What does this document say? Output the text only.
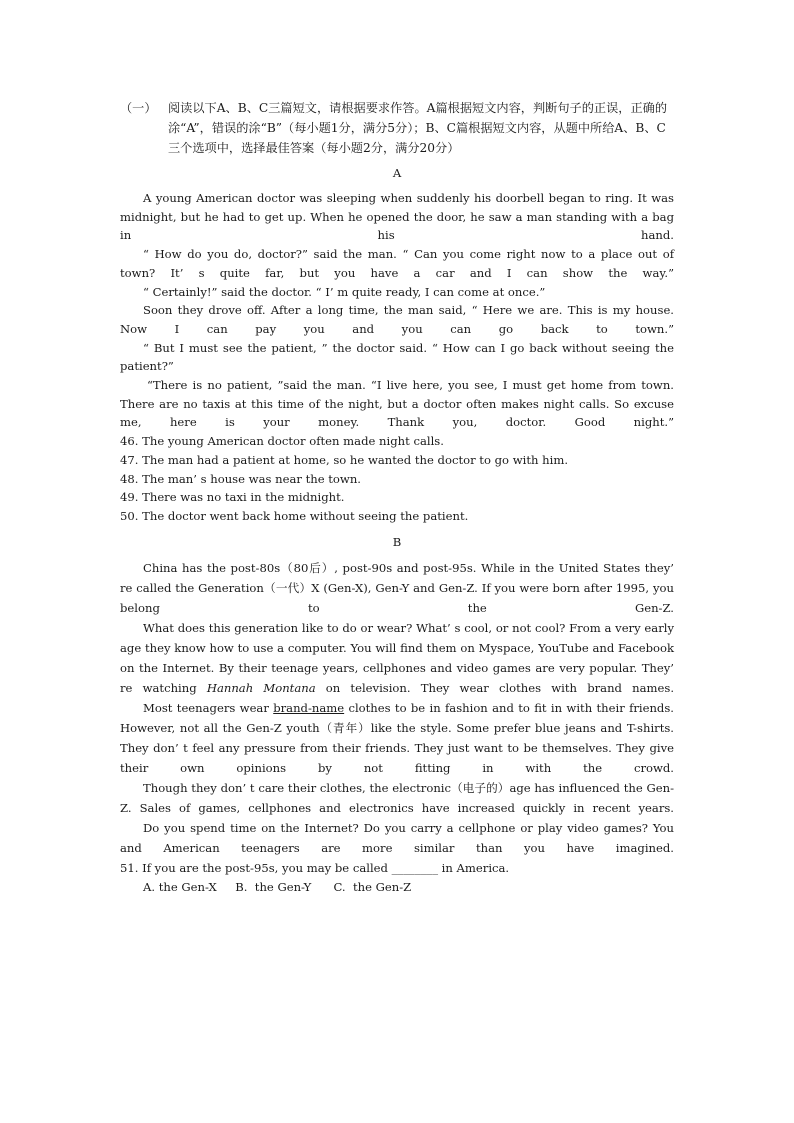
（一） 阅读以下A、B、C三篇短文，请根据要求作答。A篇根据短文内容，判断句子的正误，正确的涂“A”，错误的涂“B”（每小题1分，满分5分）；B、C篇根据短文内容，从题中所给A、B、C三个选项中，选择最佳答案（每小题2分，满分20分）
A

A young American doctor was sleeping when suddenly his doorbell began to ring. It was midnight, but he had to get up. When he opened the door, he saw a man standing with a bag in his hand.

“ How do you do, doctor?” said the man. “ Can you come right now to a place out of town? It’ s quite far, but you have a car and I can show the way.”

“ Certainly!” said the doctor. “ I’ m quite ready, I can come at once.”

Soon they drove off. After a long time, the man said, “ Here we are. This is my house. Now I can pay you and you can go back to town.”

“ But I must see the patient, ” the doctor said. “ How can I go back without seeing the patient?”

“There is no patient, ”said the man. “I live here, you see, I must get home from town. There are no taxis at this time of the night, but a doctor often makes night calls. So excuse me, here is your money. Thank you, doctor. Good night.”

46. The young American doctor often made night calls.
47. The man had a patient at home, so he wanted the doctor to go with him.
48. The man’ s house was near the town.
49. There was no taxi in the midnight.
50. The doctor went back home without seeing the patient.
B

China has the post-80s（80后）, post-90s and post-95s. While in the United States they’ re called the Generation（一代）X (Gen-X), Gen-Y and Gen-Z. If you were born after 1995, you belong to the Gen-Z.

What does this generation like to do or wear? What’ s cool, or not cool? From a very early age they know how to use a computer. You will find them on Myspace, YouTube and Facebook on the Internet. By their teenage years, cellphones and video games are very popular. They’ re watching Hannah Montana on television. They wear clothes with brand names.

Most teenagers wear brand-name clothes to be in fashion and to fit in with their friends. However, not all the Gen-Z youth（青年）like the style. Some prefer blue jeans and T-shirts. They don’ t feel any pressure from their friends. They just want to be themselves. They give their own opinions by not fitting in with the crowd.

Though they don’ t care their clothes, the electronic（电子的）age has influenced the Gen-Z. Sales of games, cellphones and electronics have increased quickly in recent years.

Do you spend time on the Internet? Do you carry a cellphone or play video games? You and American teenagers are more similar than you have imagined.

51. If you are the post-95s, you may be called ________ in America.
A. the Gen-X B.  the Gen-Y C.  the Gen-Z
